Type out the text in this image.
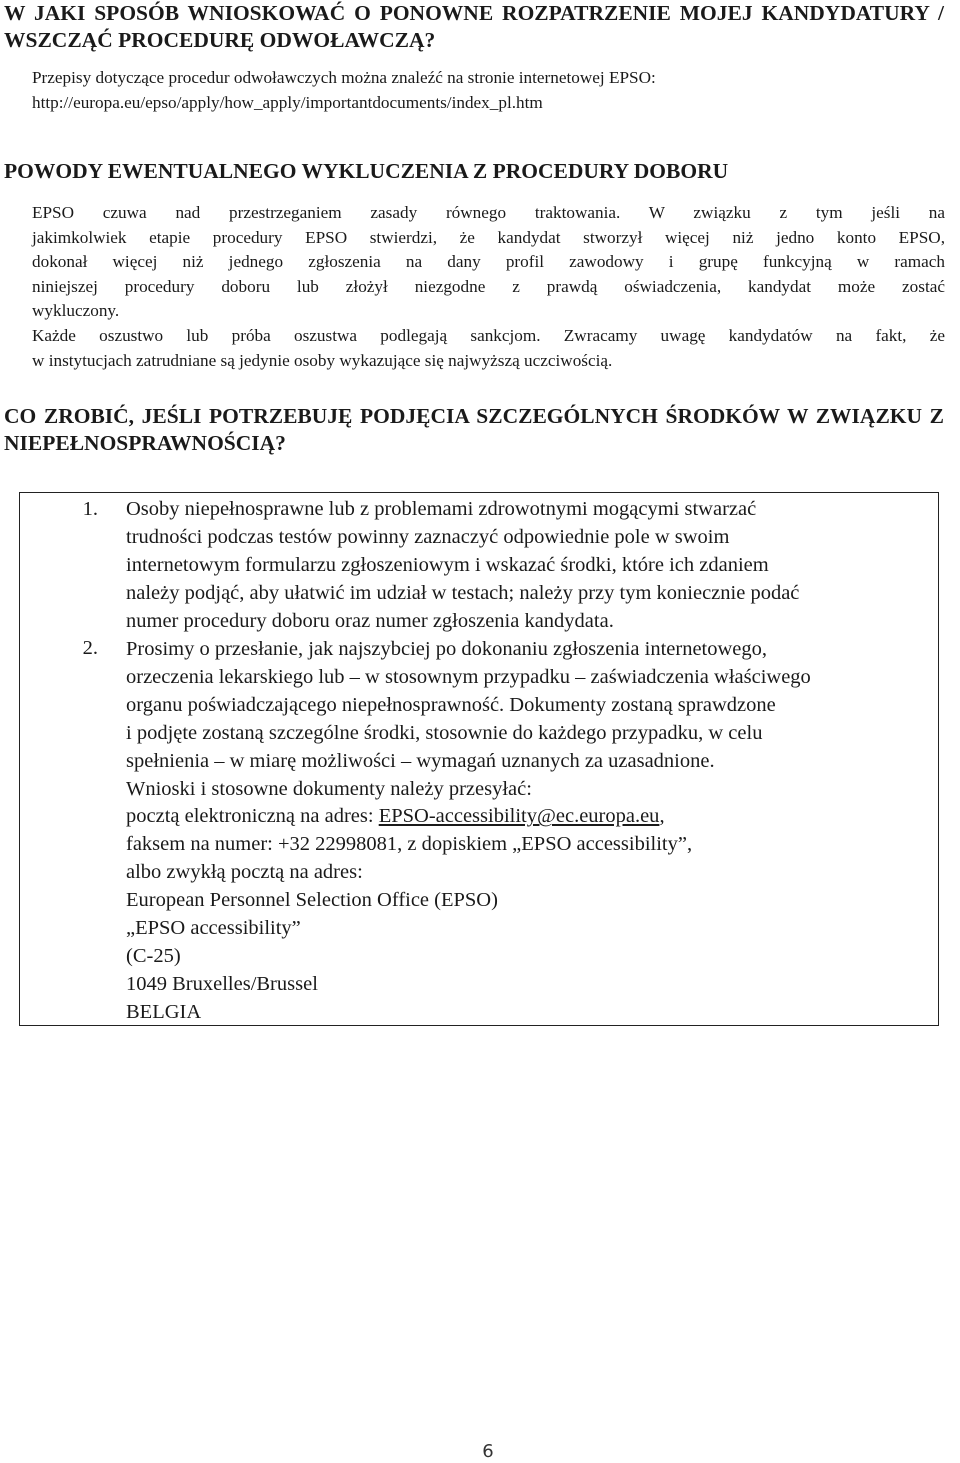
W JAKI SPOSÓB WNIOSKOWAĆ O PONOWNE ROZPATRZENIE MOJEJ KANDYDATURY / WSZCZĄĆ PROCEDURĘ ODWOŁAWCZĄ?
Przepisy dotyczące procedur odwoławczych można znaleźć na stronie internetowej EPSO:
http://europa.eu/epso/apply/how_apply/importantdocuments/index_pl.htm
POWODY EWENTUALNEGO WYKLUCZENIA Z PROCEDURY DOBORU
EPSO czuwa nad przestrzeganiem zasady równego traktowania. W związku z tym jeśli na
jakimkolwiek etapie procedury EPSO stwierdzi, że kandydat stworzył więcej niż jedno konto EPSO,
dokonał więcej niż jednego zgłoszenia na dany profil zawodowy i grupę funkcyjną w ramach
niniejszej procedury doboru lub złożył niezgodne z prawdą oświadczenia, kandydat może zostać
wykluczony.
Każde oszustwo lub próba oszustwa podlegają sankcjom. Zwracamy uwagę kandydatów na fakt, że
w instytucjach zatrudniane są jedynie osoby wykazujące się najwyższą uczciwością.
CO ZROBIĆ, JEŚLI POTRZEBUJĘ PODJĘCIA SZCZEGÓLNYCH ŚRODKÓW W ZWIĄZKU Z NIEPEŁNOSPRAWNOŚCIĄ?
1. Osoby niepełnosprawne lub z problemami zdrowotnymi mogącymi stwarzać
trudności podczas testów powinny zaznaczyć odpowiednie pole w swoim
internetowym formularzu zgłoszeniowym i wskazać środki, które ich zdaniem
należy podjąć, aby ułatwić im udział w testach; należy przy tym koniecznie podać
numer procedury doboru oraz numer zgłoszenia kandydata.
2. Prosimy o przesłanie, jak najszybciej po dokonaniu zgłoszenia internetowego,
orzeczenia lekarskiego lub – w stosownym przypadku – zaświadczenia właściwego
organu poświadczającego niepełnosprawność. Dokumenty zostaną sprawdzone
i podjęte zostaną szczególne środki, stosownie do każdego przypadku, w celu
spełnienia – w miarę możliwości – wymagań uznanych za uzasadnione.
Wnioski i stosowne dokumenty należy przesyłać:
pocztą elektroniczną na adres: EPSO-accessibility@ec.europa.eu,
faksem na numer: +32 22998081, z dopiskiem „EPSO accessibility”,
albo zwykłą pocztą na adres:
European Personnel Selection Office (EPSO)
„EPSO accessibility”
(C-25)
1049 Bruxelles/Brussel
BELGIA
6
